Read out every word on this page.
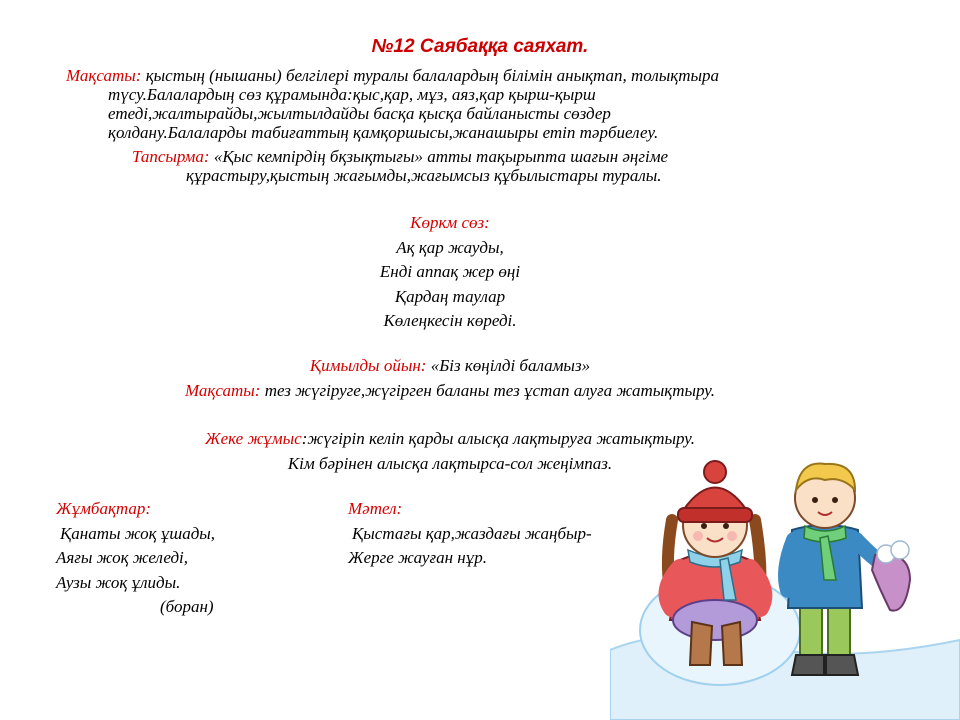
№12 Саябаққа саяхат.
Мақсаты: қыстың (нышаны) белгілері туралы балалардың білімін анықтап, толықтыра
түсу.Балалардың сөз құрамында:қыс,қар, мұз, аяз,қар қырш-қырш
етеді,жалтырайды,жылтылдайды басқа қысқа байланысты сөздер
қолдану.Балаларды табиғаттың қамқоршысы,жанашыры етіп тәрбиелеу.
Тапсырма: «Қыс кемпірдің бқзықтығы» атты тақырыпта шағын әңгіме
құрастыру,қыстың жағымды,жағымсыз құбылыстары туралы.
Көркм сөз:
Ақ қар жауды,
Енді аппақ жер өңі
Қардаң таулар
Көлеңкесін көреді.
Қимылды ойын: «Біз көңілді баламыз»
Мақсаты: тез жүгіруге,жүгірген баланы тез ұстап алуға жатықтыру.
Жеке жұмыс:жүгіріп келіп қарды алысқа лақтыруға жатықтыру.
Кім бәрінен алысқа лақтырса-сол жеңімпаз.
Жұмбақтар:
Қанаты жоқ ұшады,
Аяғы жоқ желеді,
Аузы жоқ ұлиды.
(боран)
Мәтел:
Қыстағы қар,жаздағы жаңбыр-
Жерге жауған нұр.
